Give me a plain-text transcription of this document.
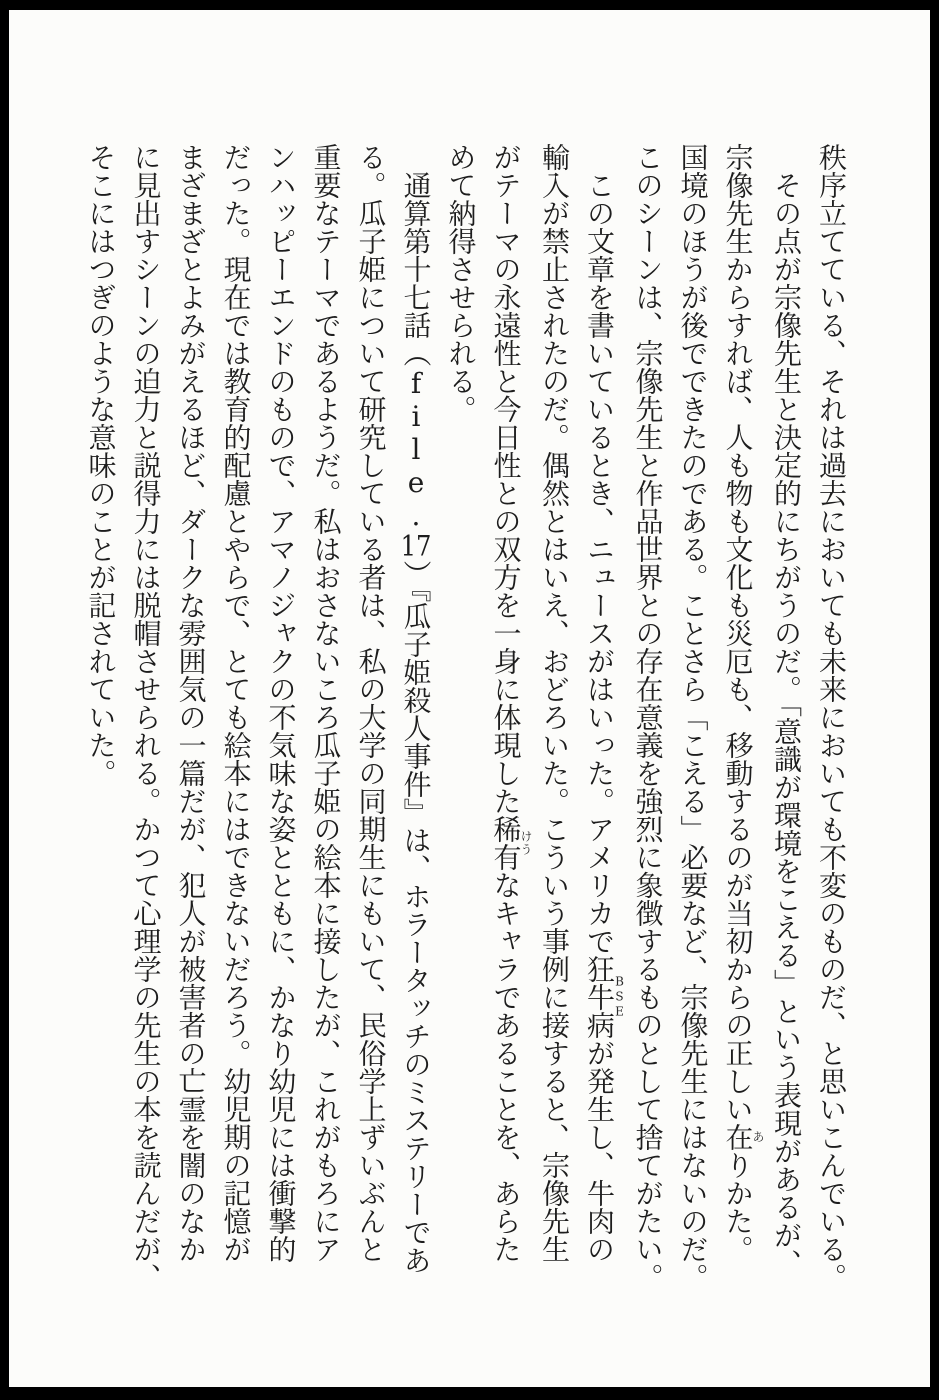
秩序立てている、それは過去においても未来においても不変のものだ、と思いこんでいる。
その点が宗像先生と決定的にちがうのだ。「意識が環境をこえる」という表現があるが、
宗像先生からすれば、人も物も文化も災厄も、移動するのが当初からの正しい在ありかた。
国境のほうが後でできたのである。ことさら「こえる」必要など、宗像先生にはないのだ。
このシーンは、宗像先生と作品世界との存在意義を強烈に象徴するものとして捨てがたい。
この文章を書いているとき、ニュースがはいった。アメリカで狂牛病BSEが発生し、牛肉の
輸入が禁止されたのだ。偶然とはいえ、おどろいた。こういう事例に接すると、宗像先生
がテーマの永遠性と今日性との双方を一身に体現した稀有けうなキャラであることを、あらた
めて納得させられる。
通算第十七話（file.17）『瓜子姫殺人事件』は、ホラータッチのミステリーであ
る。瓜子姫について研究している者は、私の大学の同期生にもいて、民俗学上ずいぶんと
重要なテーマであるようだ。私はおさないころ瓜子姫の絵本に接したが、これがもろにア
ンハッピーエンドのもので、アマノジャクの不気味な姿とともに、かなり幼児には衝撃的
だった。現在では教育的配慮とやらで、とても絵本にはできないだろう。幼児期の記憶が
まざまざとよみがえるほど、ダークな雰囲気の一篇だが、犯人が被害者の亡霊を闇のなか
に見出すシーンの迫力と説得力には脱帽させられる。かつて心理学の先生の本を読んだが、
そこにはつぎのような意味のことが記されていた。
